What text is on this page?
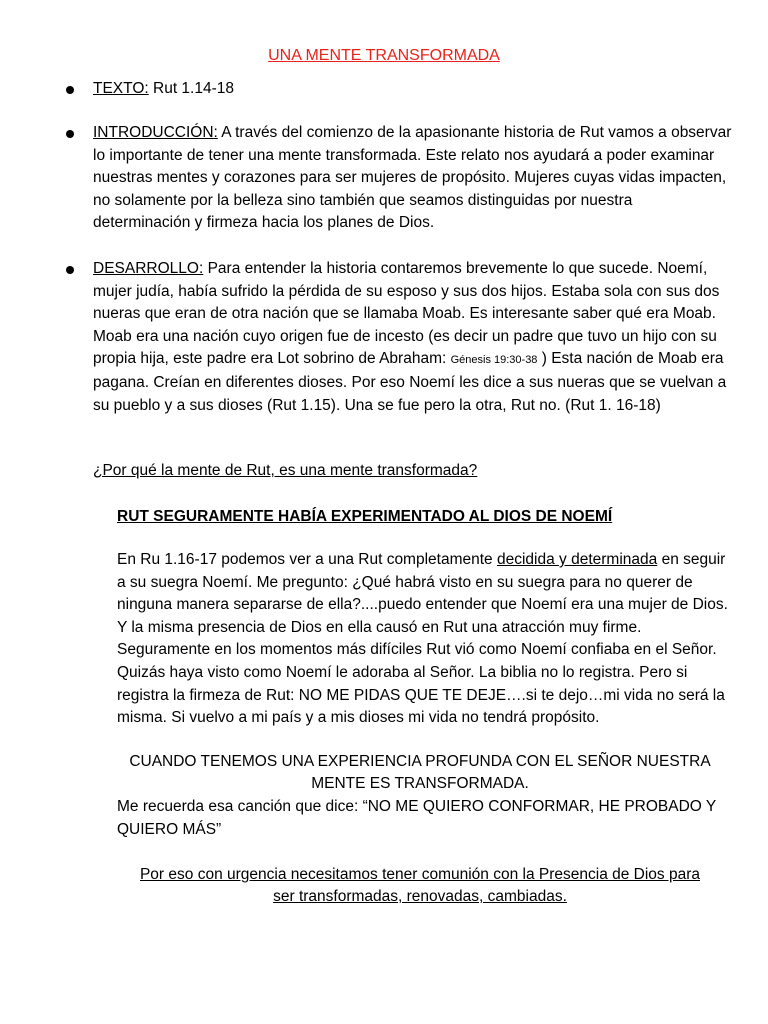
UNA MENTE TRANSFORMADA

TEXTO: Rut 1.14-18

INTRODUCCIÓN: A través del comienzo de la apasionante historia de Rut vamos a observar lo importante de tener una mente transformada. Este relato nos ayudará a poder examinar nuestras mentes y corazones para ser mujeres de propósito. Mujeres cuyas vidas impacten, no solamente por la belleza sino también que seamos distinguidas por nuestra determinación y firmeza hacia los planes de Dios.

DESARROLLO: Para entender la historia contaremos brevemente lo que sucede. Noemí, mujer judía, había sufrido la pérdida de su esposo y sus dos hijos. Estaba sola con sus dos nueras que eran de otra nación que se llamaba Moab. Es interesante saber qué era Moab. Moab era una nación cuyo origen fue de incesto (es decir un padre que tuvo un hijo con su propia hija, este padre era Lot sobrino de Abraham: Génesis 19:30-38 ) Esta nación de Moab era pagana. Creían en diferentes dioses. Por eso Noemí les dice a sus nueras que se vuelvan a su pueblo y a sus dioses (Rut 1.15). Una se fue pero la otra, Rut no. (Rut 1. 16-18)

¿Por qué la mente de Rut, es una mente transformada?
RUT SEGURAMENTE HABÍA EXPERIMENTADO AL DIOS DE NOEMÍ

En Ru 1.16-17 podemos ver a una Rut completamente decidida y determinada en seguir a su suegra Noemí. Me pregunto: ¿Qué habrá visto en su suegra para no querer de ninguna manera separarse de ella?....puedo entender que Noemí era una mujer de Dios. Y la misma presencia de Dios en ella causó en Rut una atracción muy firme. Seguramente en los momentos más difíciles Rut vió como Noemí confiaba en el Señor. Quizás haya visto como Noemí le adoraba al Señor. La biblia no lo registra. Pero si registra la firmeza de Rut: NO ME PIDAS QUE TE DEJE….si te dejo…mi vida no será la misma. Si vuelvo a mi país y a mis dioses mi vida no tendrá propósito.

CUANDO TENEMOS UNA EXPERIENCIA PROFUNDA CON EL SEÑOR NUESTRA
MENTE ES TRANSFORMADA.

Me recuerda esa canción que dice: “NO ME QUIERO CONFORMAR, HE PROBADO Y QUIERO MÁS”

Por eso con urgencia necesitamos tener comunión con la Presencia de Dios para
ser transformadas, renovadas, cambiadas.
